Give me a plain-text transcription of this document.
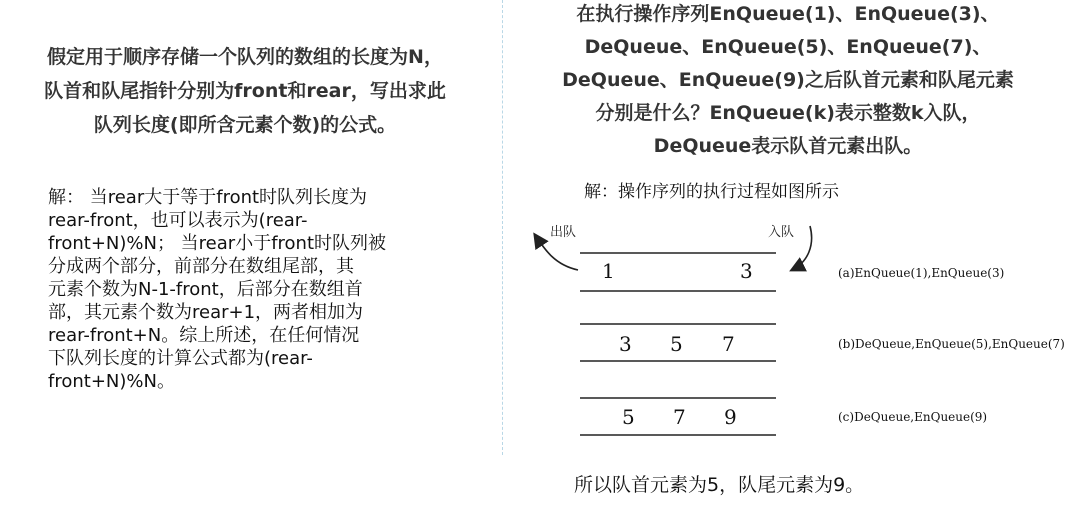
假定用于顺序存储一个队列的数组的长度为N，
队首和队尾指针分别为front和rear，写出求此
队列长度(即所含元素个数)的公式。
解： 当rear大于等于front时队列长度为
rear-front，也可以表示为(rear-
front+N)%N； 当rear小于front时队列被
分成两个部分，前部分在数组尾部，其
元素个数为N-1-front，后部分在数组首
部，其元素个数为rear+1，两者相加为
rear-front+N。综上所述，在任何情况
下队列长度的计算公式都为(rear-
front+N)%N。
在执行操作序列EnQueue(1)、EnQueue(3)、
DeQueue、EnQueue(5)、EnQueue(7)、
DeQueue、EnQueue(9)之后队首元素和队尾元素
分别是什么？EnQueue(k)表示整数k入队，
DeQueue表示队首元素出队。
解：操作序列的执行过程如图所示
出队	入队
1	3	(a)EnQueue(1),EnQueue(3)
3 5 7	(b)DeQueue,EnQueue(5),EnQueue(7)
5 7 9	(c)DeQueue,EnQueue(9)
所以队首元素为5，队尾元素为9。
